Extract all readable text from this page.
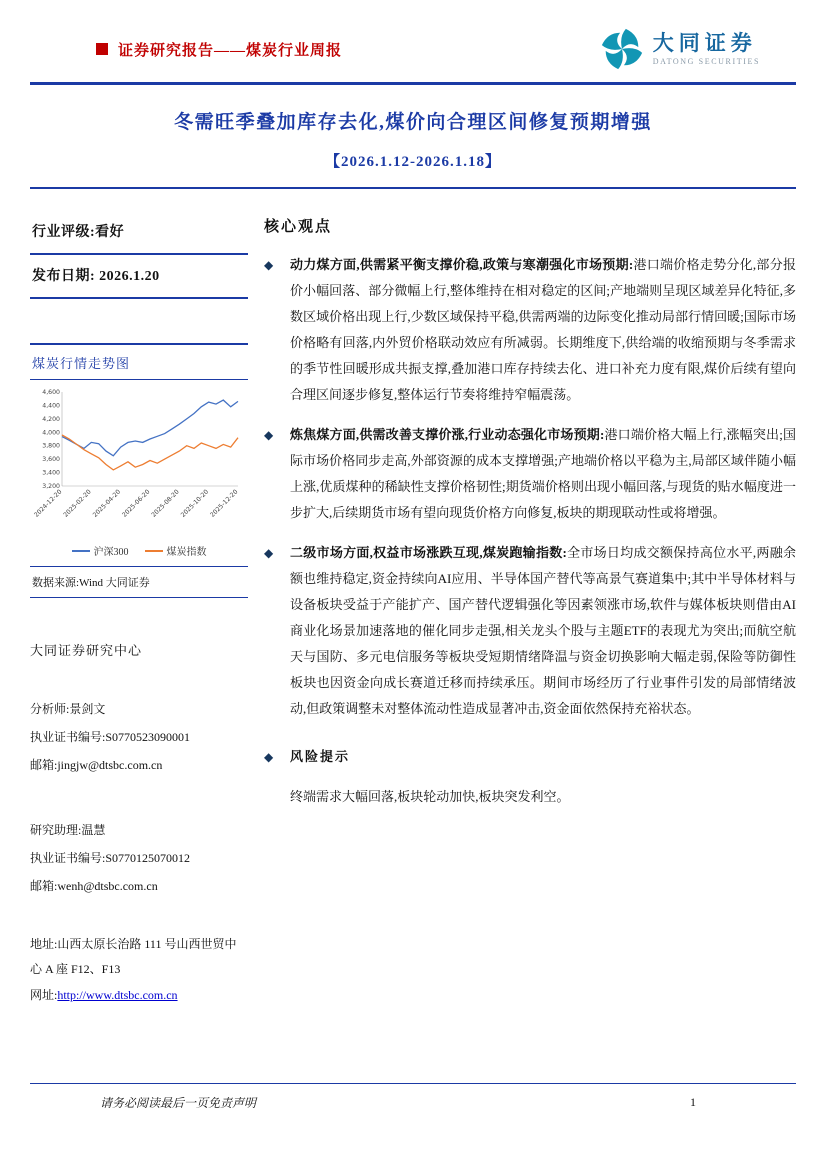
证券研究报告——煤炭行业周报	大同证券
DATONG SECURITIES
冬需旺季叠加库存去化,煤价向合理区间修复预期增强
【2026.1.12-2026.1.18】
行业评级:看好
发布日期: 2026.1.20
煤炭行情走势图
4,600
4,400
4,200
4,000
3,800
3,600
3,400
3,200
2024-12-20
2025-02-20
2025-04-20
2025-06-20
2025-08-20
2025-10-20
2025-12-20
沪深300	煤炭指数
数据来源:Wind 大同证券
大同证券研究中心
分析师:景剑文
执业证书编号:S0770523090001
邮箱:jingjw@dtsbc.com.cn
研究助理:温慧
执业证书编号:S0770125070012
邮箱:wenh@dtsbc.com.cn
地址:山西太原长治路 111 号山西世贸中心 A 座 F12、F13
网址:http://www.dtsbc.com.cn
核心观点
◆	动力煤方面,供需紧平衡支撑价稳,政策与寒潮强化市场预期:港口端价格走势分化,部分报价小幅回落、部分微幅上行,整体维持在相对稳定的区间;产地端则呈现区域差异化特征,多数区域价格出现上行,少数区域保持平稳,供需两端的边际变化推动局部行情回暖;国际市场价格略有回落,内外贸价格联动效应有所减弱。长期维度下,供给端的收缩预期与冬季需求的季节性回暖形成共振支撑,叠加港口库存持续去化、进口补充力度有限,煤价后续有望向合理区间逐步修复,整体运行节奏将维持窄幅震荡。

◆	炼焦煤方面,供需改善支撑价涨,行业动态强化市场预期:港口端价格大幅上行,涨幅突出;国际市场价格同步走高,外部资源的成本支撑增强;产地端价格以平稳为主,局部区域伴随小幅上涨,优质煤种的稀缺性支撑价格韧性;期货端价格则出现小幅回落,与现货的贴水幅度进一步扩大,后续期货市场有望向现货价格方向修复,板块的期现联动性或将增强。

◆	二级市场方面,权益市场涨跌互现,煤炭跑输指数:全市场日均成交额保持高位水平,两融余额也维持稳定,资金持续向AI应用、半导体国产替代等高景气赛道集中;其中半导体材料与设备板块受益于产能扩产、国产替代逻辑强化等因素领涨市场,软件与媒体板块则借由AI商业化场景加速落地的催化同步走强,相关龙头个股与主题ETF的表现尤为突出;而航空航天与国防、多元电信服务等板块受短期情绪降温与资金切换影响大幅走弱,保险等防御性板块也因资金向成长赛道迁移而持续承压。期间市场经历了行业事件引发的局部情绪波动,但政策调整未对整体流动性造成显著冲击,资金面依然保持充裕状态。

◆	风险提示

终端需求大幅回落,板块轮动加快,板块突发利空。

请务必阅读最后一页免责声明	1
